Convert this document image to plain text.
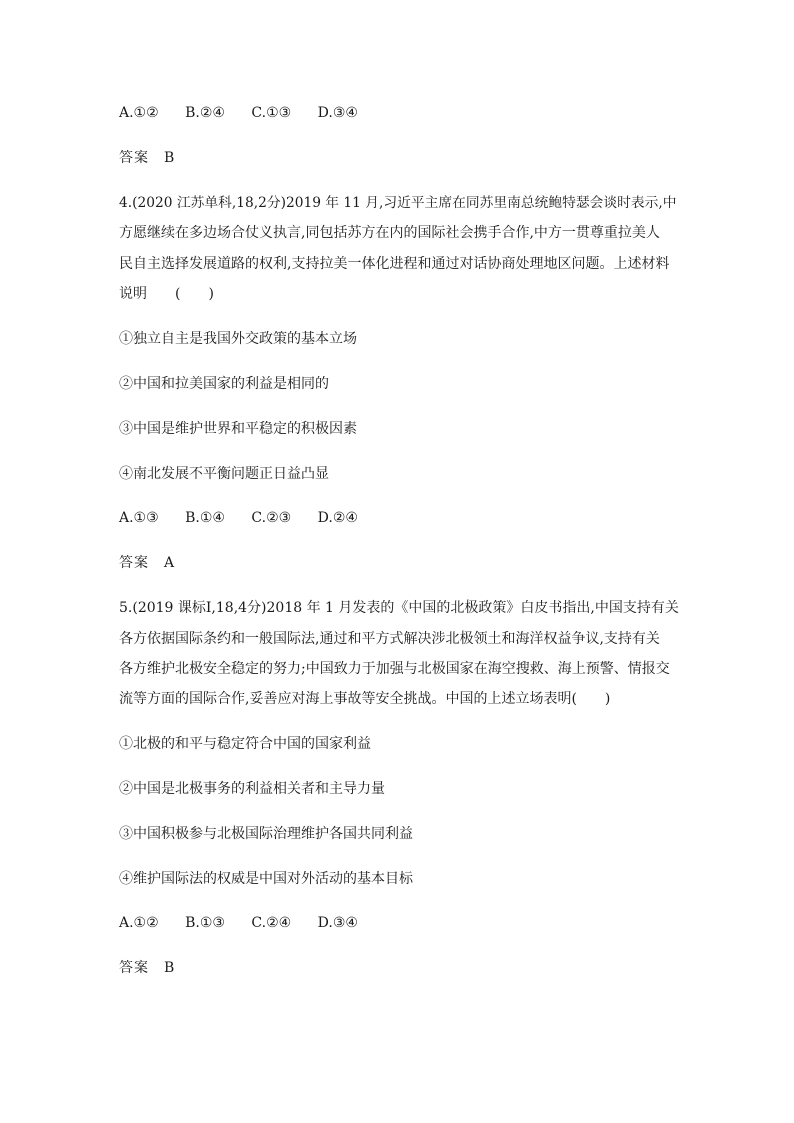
A.①② B.②④ C.①③ D.③④
答案　B
4.(2020 江苏单科,18,2分)2019 年 11 月,习近平主席在同苏里南总统鲍特瑟会谈时表示,中
方愿继续在多边场合仗义执言,同包括苏方在内的国际社会携手合作,中方一贯尊重拉美人
民自主选择发展道路的权利,支持拉美一体化进程和通过对话协商处理地区问题。上述材料
说明　　(　　)
①独立自主是我国外交政策的基本立场
②中国和拉美国家的利益是相同的
③中国是维护世界和平稳定的积极因素
④南北发展不平衡问题正日益凸显
A.①③ B.①④ C.②③ D.②④
答案　A
5.(2019 课标Ⅰ,18,4分)2018 年 1 月发表的《中国的北极政策》白皮书指出,中国支持有关
各方依据国际条约和一般国际法,通过和平方式解决涉北极领土和海洋权益争议,支持有关
各方维护北极安全稳定的努力;中国致力于加强与北极国家在海空搜救、海上预警、情报交
流等方面的国际合作,妥善应对海上事故等安全挑战。中国的上述立场表明(　　)
①北极的和平与稳定符合中国的国家利益
②中国是北极事务的利益相关者和主导力量
③中国积极参与北极国际治理维护各国共同利益
④维护国际法的权威是中国对外活动的基本目标
A.①② B.①③ C.②④ D.③④
答案　B
